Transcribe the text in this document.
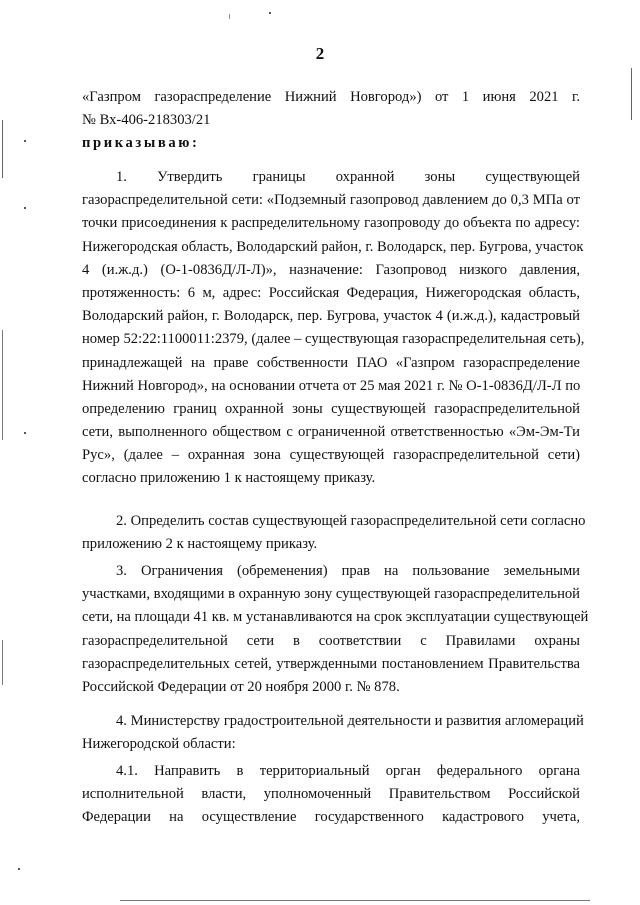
2
«Газпром газораспределение Нижний Новгород») от 1 июня 2021 г.
№ Вх-406-218303/21
приказываю:
1. Утвердить границы охранной зоны существующей
газораспределительной сети: «Подземный газопровод давлением до 0,3 МПа от
точки присоединения к распределительному газопроводу до объекта по адресу:
Нижегородская область, Володарский район, г. Володарск, пер. Бугрова, участок
4 (и.ж.д.) (О-1-0836Д/Л-Л)», назначение: Газопровод низкого давления,
протяженность: 6 м, адрес: Российская Федерация, Нижегородская область,
Володарский район, г. Володарск, пер. Бугрова, участок 4 (и.ж.д.), кадастровый
номер 52:22:1100011:2379, (далее – существующая газораспределительная сеть),
принадлежащей на праве собственности ПАО «Газпром газораспределение
Нижний Новгород», на основании отчета от 25 мая 2021 г. № О-1-0836Д/Л-Л по
определению границ охранной зоны существующей газораспределительной
сети, выполненного обществом с ограниченной ответственностью «Эм-Эм-Ти
Рус», (далее – охранная зона существующей газораспределительной сети)
согласно приложению 1 к настоящему приказу.
2. Определить состав существующей газораспределительной сети согласно
приложению 2 к настоящему приказу.
3. Ограничения (обременения) прав на пользование земельными
участками, входящими в охранную зону существующей газораспределительной
сети, на площади 41 кв. м устанавливаются на срок эксплуатации существующей
газораспределительной сети в соответствии с Правилами охраны
газораспределительных сетей, утвержденными постановлением Правительства
Российской Федерации от 20 ноября 2000 г. № 878.
4. Министерству градостроительной деятельности и развития агломераций
Нижегородской области:
4.1. Направить в территориальный орган федерального органа
исполнительной власти, уполномоченный Правительством Российской
Федерации на осуществление государственного кадастрового учета,
